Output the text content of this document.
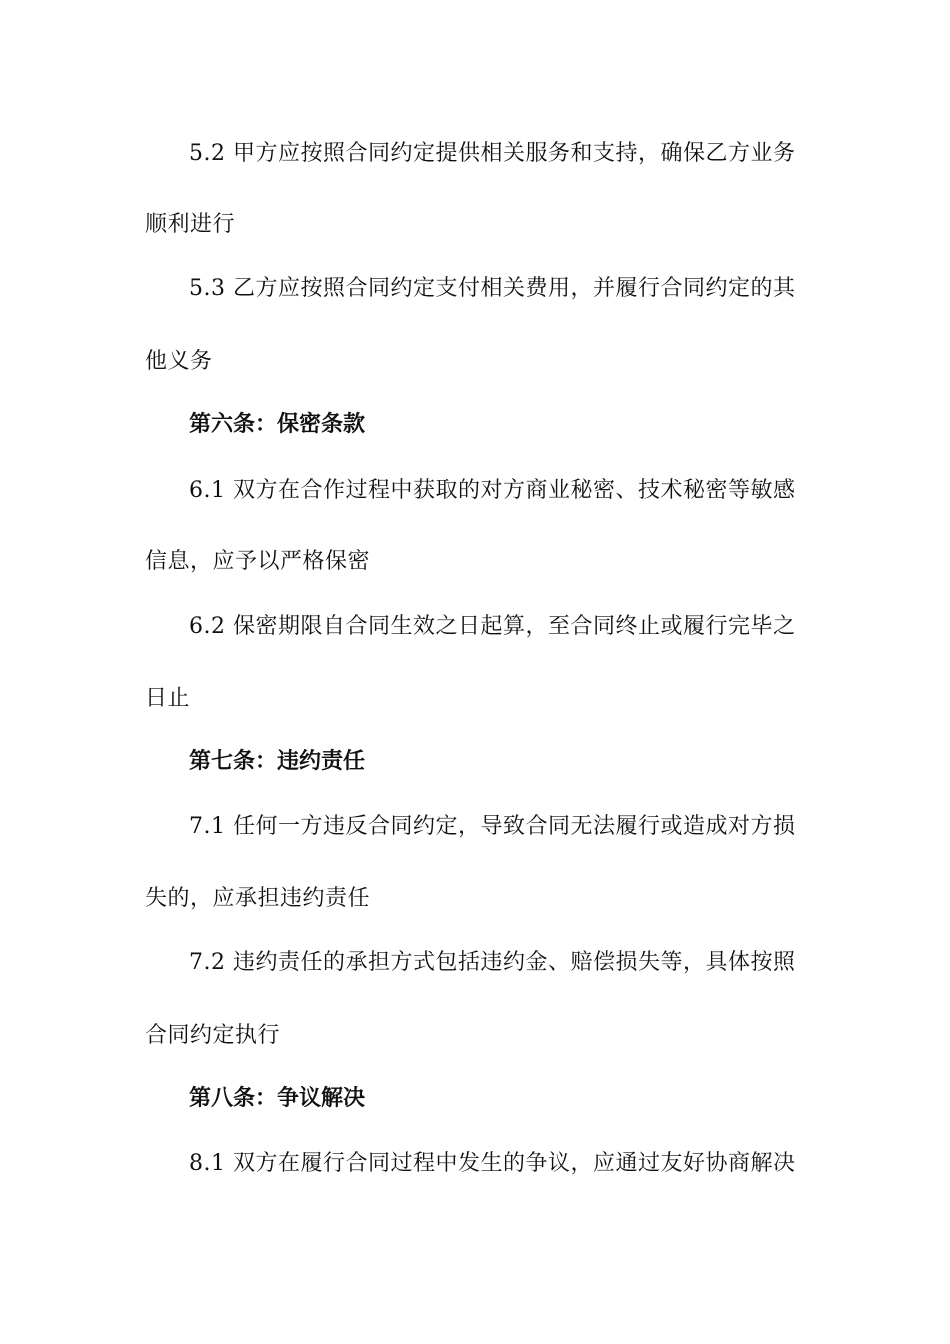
5.2 甲方应按照合同约定提供相关服务和支持，确保乙方业务
顺利进行
5.3 乙方应按照合同约定支付相关费用，并履行合同约定的其
他义务
第六条：保密条款
6.1 双方在合作过程中获取的对方商业秘密、技术秘密等敏感
信息，应予以严格保密
6.2 保密期限自合同生效之日起算，至合同终止或履行完毕之
日止
第七条：违约责任
7.1 任何一方违反合同约定，导致合同无法履行或造成对方损
失的，应承担违约责任
7.2 违约责任的承担方式包括违约金、赔偿损失等，具体按照
合同约定执行
第八条：争议解决
8.1 双方在履行合同过程中发生的争议，应通过友好协商解决
